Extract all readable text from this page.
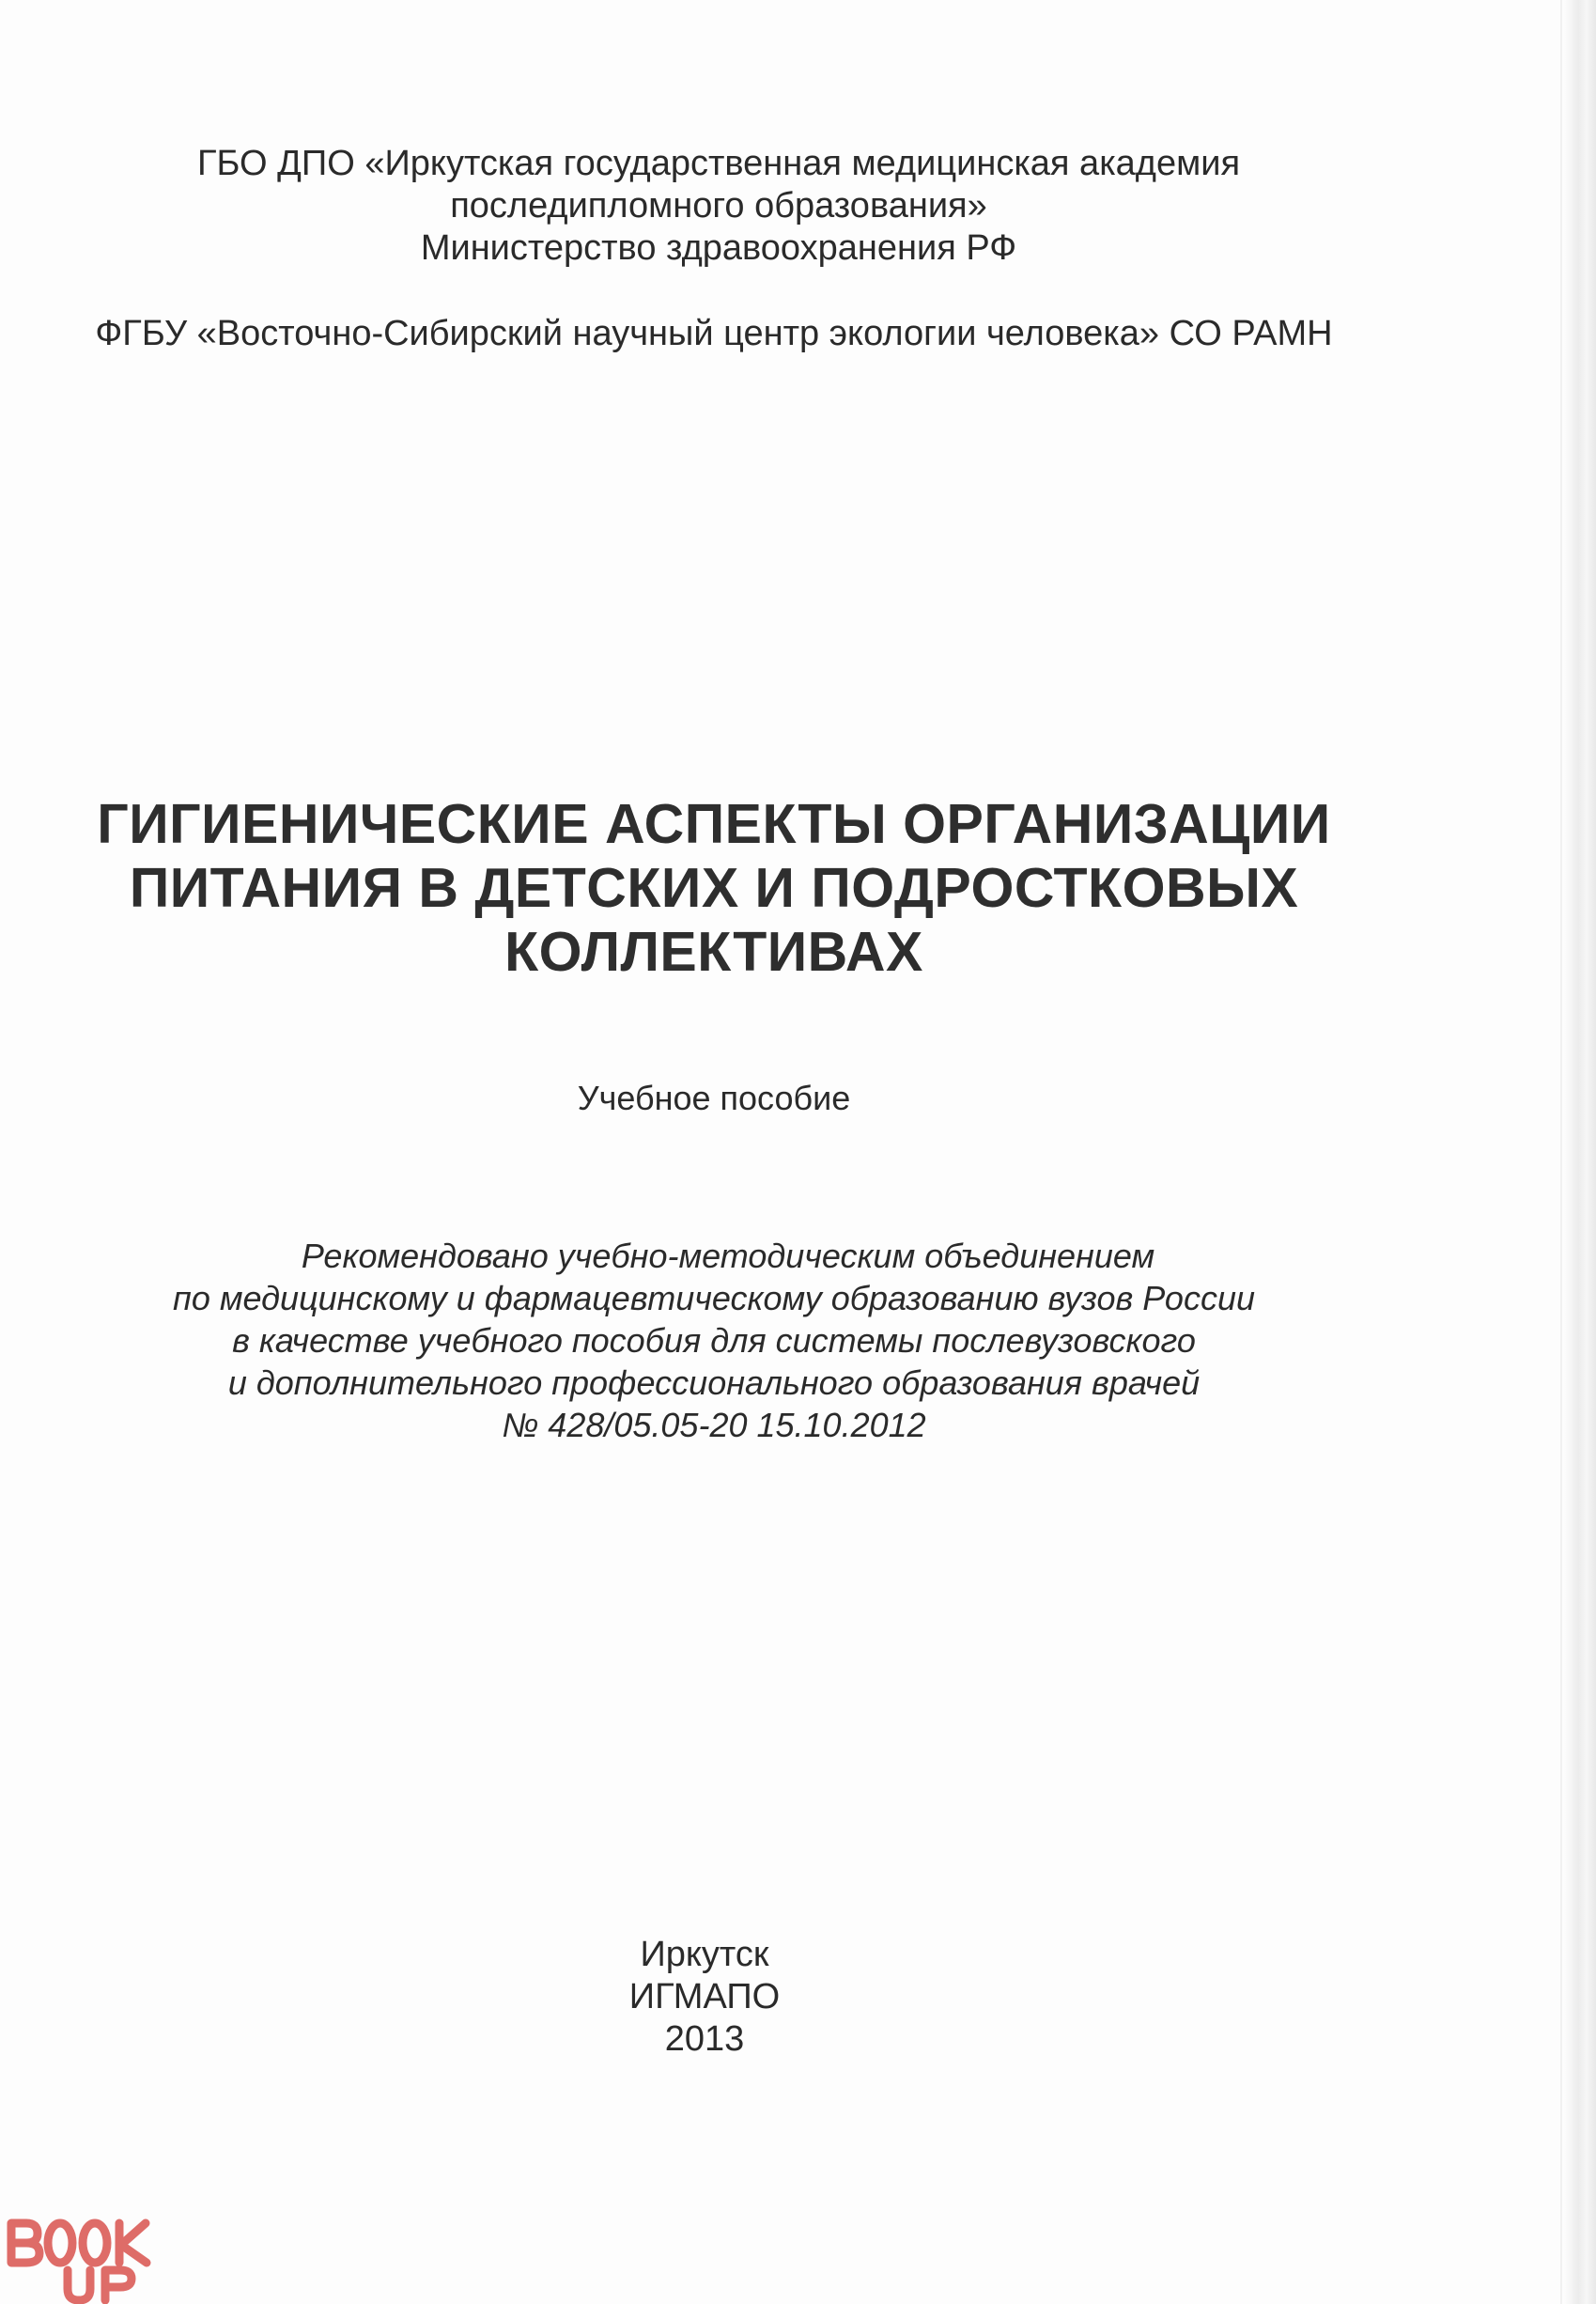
ГБО ДПО «Иркутская государственная медицинская академия
последипломного образования»
Министерство здравоохранения РФ
ФГБУ «Восточно-Сибирский научный центр экологии человека» СО РАМН
ГИГИЕНИЧЕСКИЕ АСПЕКТЫ ОРГАНИЗАЦИИ
ПИТАНИЯ В ДЕТСКИХ И ПОДРОСТКОВЫХ
КОЛЛЕКТИВАХ
Учебное пособие
Рекомендовано учебно-методическим объединением
по медицинскому и фармацевтическому образованию вузов России
в качестве учебного пособия для системы послевузовского
и дополнительного профессионального образования врачей
№ 428/05.05-20 15.10.2012
Иркутск
ИГМАПО
2013
